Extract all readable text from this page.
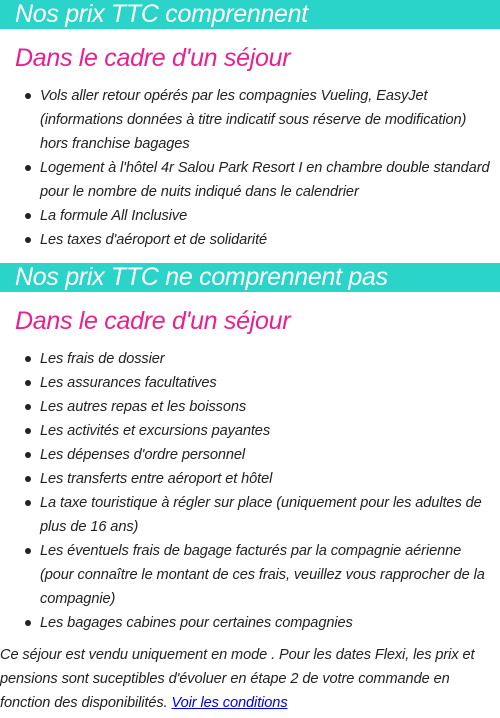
Nos prix TTC comprennent
Dans le cadre d'un séjour
Vols aller retour opérés par les compagnies Vueling, EasyJet (informations données à titre indicatif sous réserve de modification) hors franchise bagages
Logement à l'hôtel 4r Salou Park Resort I en chambre double standard pour le nombre de nuits indiqué dans le calendrier
La formule All Inclusive
Les taxes d'aéroport et de solidarité
Nos prix TTC ne comprennent pas
Dans le cadre d'un séjour
Les frais de dossier
Les assurances facultatives
Les autres repas et les boissons
Les activités et excursions payantes
Les dépenses d'ordre personnel
Les transferts entre aéroport et hôtel
La taxe touristique à régler sur place (uniquement pour les adultes de plus de 16 ans)
Les éventuels frais de bagage facturés par la compagnie aérienne (pour connaître le montant de ces frais, veuillez vous rapprocher de la compagnie)
Les bagages cabines pour certaines compagnies

Ce séjour est vendu uniquement en mode . Pour les dates Flexi, les prix et pensions sont suceptibles d'évoluer en étape 2 de votre commande en fonction des disponibilités. Voir les conditions
